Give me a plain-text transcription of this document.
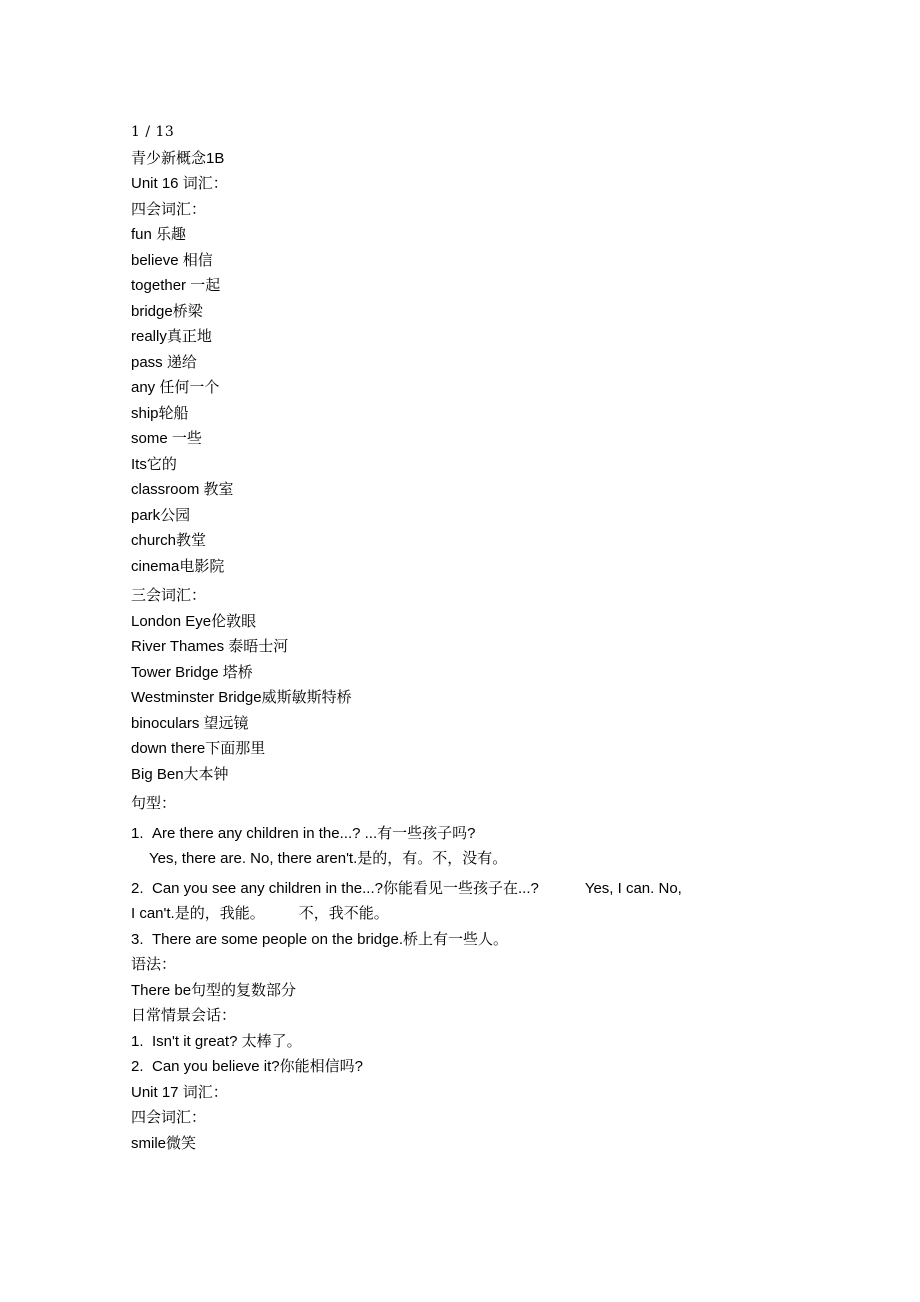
1 / 13
青少新概念1B
Unit 16 词汇：
四会词汇：
fun 乐趣
believe 相信
together 一起
bridge桥梁
really真正地
pass 递给
any 任何一个
ship轮船
some 一些
Its它的
classroom 教室
park公园
church教堂
cinema电影院
三会词汇：
London Eye伦敦眼
River Thames 泰晤士河
Tower Bridge 塔桥
Westminster Bridge威斯敏斯特桥
binoculars 望远镜
down there下面那里
Big Ben大本钟
句型：
1. Are there any children in the...? ...有一些孩子吗?
Yes, there are. No, there aren't.是的，有。不，没有。
2. Can you see any children in the...?你能看见一些孩子在...?	Yes, I can. No,
I can't.是的，我能。 不，我不能。
3. There are some people on the bridge.桥上有一些人。
语法：
There be句型的复数部分
日常情景会话：
1. Isn't it great? 太棒了。
2. Can you believe it?你能相信吗?
Unit 17 词汇：
四会词汇：
smile微笑
